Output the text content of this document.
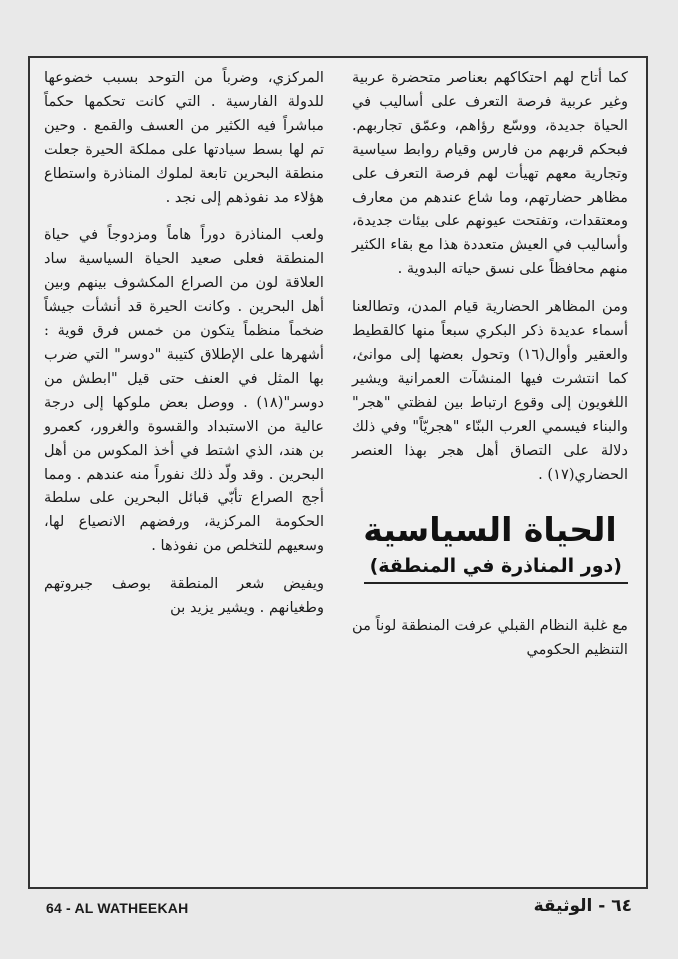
كما أتاح لهم احتكاكهم بعناصر متحضرة عربية وغير عربية فرصة التعرف على أساليب في الحياة جديدة، ووسّع رؤاهم، وعمّق تجاربهم. فبحكم قربهم من فارس وقيام روابط سياسية وتجارية معهم تهيأت لهم فرصة التعرف على مظاهر حضارتهم، وما شاع عندهم من معارف ومعتقدات، وتفتحت عيونهم على بيئات جديدة، وأساليب في العيش متعددة هذا مع بقاء الكثير منهم محافظاً على نسق حياته البدوية .

ومن المظاهر الحضارية قيام المدن، وتطالعنا أسماء عديدة ذكر البكري سبعاً منها كالقطيط والعقير وأوال(١٦) وتحول بعضها إلى موانئ، كما انتشرت فيها المنشآت العمرانية ويشير اللغويون إلى وقوع ارتباط بين لفظتي "هجر" والبناء فيسمي العرب البنّاء "هجريّاً" وفي ذلك دلالة على التصاق أهل هجر بهذا العنصر الحضاري(١٧) .

الحياة السياسية
(دور المناذرة في المنطقة)

مع غلبة النظام القبلي عرفت المنطقة لوناً من التنظيم الحكومي

المركزي، وضرباً من التوحد بسبب خضوعها للدولة الفارسية . التي كانت تحكمها حكماً مباشراً فيه الكثير من العسف والقمع . وحين تم لها بسط سيادتها على مملكة الحيرة جعلت منطقة البحرين تابعة لملوك المناذرة واستطاع هؤلاء مد نفوذهم إلى نجد .

ولعب المناذرة دوراً هاماً ومزدوجاً في حياة المنطقة فعلى صعيد الحياة السياسية ساد العلاقة لون من الصراع المكشوف بينهم وبين أهل البحرين . وكانت الحيرة قد أنشأت جيشاً ضخماً منظماً يتكون من خمس فرق قوية : أشهرها على الإطلاق كتيبة "دوسر" التي ضرب بها المثل في العنف حتى قيل "ابطش من دوسر"(١٨) . ووصل بعض ملوكها إلى درجة عالية من الاستبداد والقسوة والغرور، كعمرو بن هند، الذي اشتط في أخذ المكوس من أهل البحرين . وقد ولّد ذلك نفوراً منه عندهم . ومما أجج الصراع تأبّي قبائل البحرين على سلطة الحكومة المركزية، ورفضهم الانصياع لها، وسعيهم للتخلص من نفوذها .

ويفيض شعر المنطقة بوصف جبروتهم وطغيانهم . ويشير يزيد بن

64 - AL WATHEEKAH	٦٤ - الوثيقة
